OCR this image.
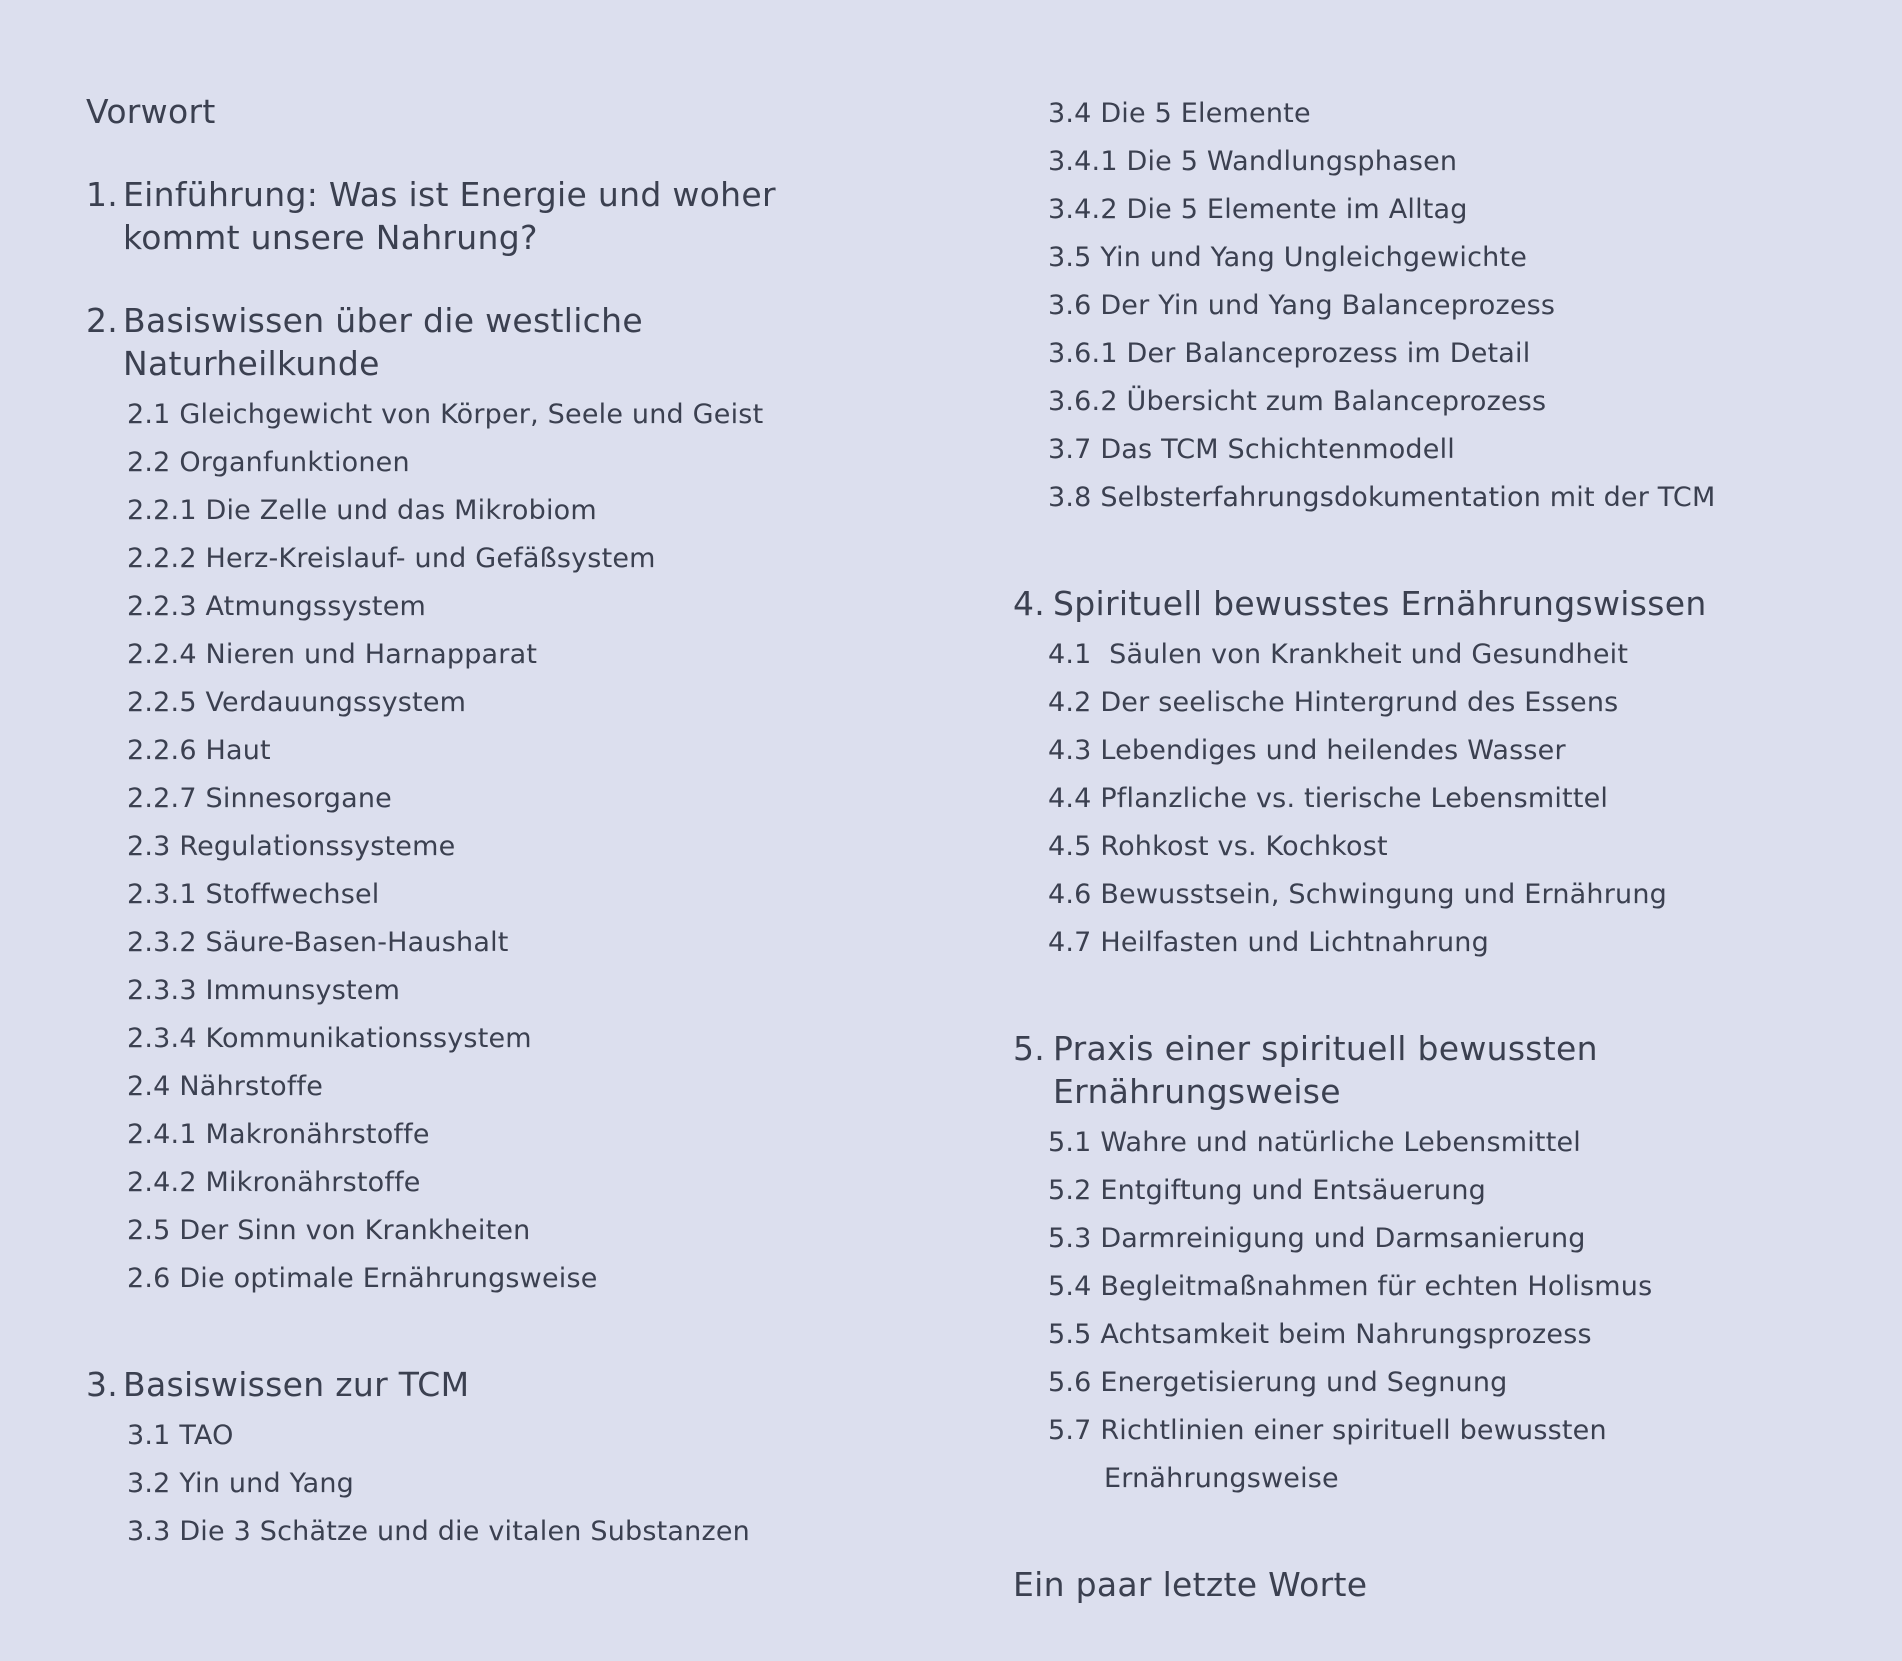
Vorwort
1. Einführung: Was ist Energie und woher
kommt unsere Nahrung?
2. Basiswissen über die westliche
Naturheilkunde
2.1 Gleichgewicht von Körper, Seele und Geist
2.2 Organfunktionen
2.2.1 Die Zelle und das Mikrobiom
2.2.2 Herz-Kreislauf- und Gefäßsystem
2.2.3 Atmungssystem
2.2.4 Nieren und Harnapparat
2.2.5 Verdauungssystem
2.2.6 Haut
2.2.7 Sinnesorgane
2.3 Regulationssysteme
2.3.1 Stoffwechsel
2.3.2 Säure-Basen-Haushalt
2.3.3 Immunsystem
2.3.4 Kommunikationssystem
2.4 Nährstoffe
2.4.1 Makronährstoffe
2.4.2 Mikronährstoffe
2.5 Der Sinn von Krankheiten
2.6 Die optimale Ernährungsweise
3. Basiswissen zur TCM
3.1 TAO
3.2 Yin und Yang
3.3 Die 3 Schätze und die vitalen Substanzen
3.4 Die 5 Elemente
3.4.1 Die 5 Wandlungsphasen
3.4.2 Die 5 Elemente im Alltag
3.5 Yin und Yang Ungleichgewichte
3.6 Der Yin und Yang Balanceprozess
3.6.1 Der Balanceprozess im Detail
3.6.2 Übersicht zum Balanceprozess
3.7 Das TCM Schichtenmodell
3.8 Selbsterfahrungsdokumentation mit der TCM
4. Spirituell bewusstes Ernährungswissen
4.1  Säulen von Krankheit und Gesundheit
4.2 Der seelische Hintergrund des Essens
4.3 Lebendiges und heilendes Wasser
4.4 Pflanzliche vs. tierische Lebensmittel
4.5 Rohkost vs. Kochkost
4.6 Bewusstsein, Schwingung und Ernährung
4.7 Heilfasten und Lichtnahrung
5. Praxis einer spirituell bewussten
Ernährungsweise
5.1 Wahre und natürliche Lebensmittel
5.2 Entgiftung und Entsäuerung
5.3 Darmreinigung und Darmsanierung
5.4 Begleitmaßnahmen für echten Holismus
5.5 Achtsamkeit beim Nahrungsprozess
5.6 Energetisierung und Segnung
5.7 Richtlinien einer spirituell bewussten
Ernährungsweise
Ein paar letzte Worte
